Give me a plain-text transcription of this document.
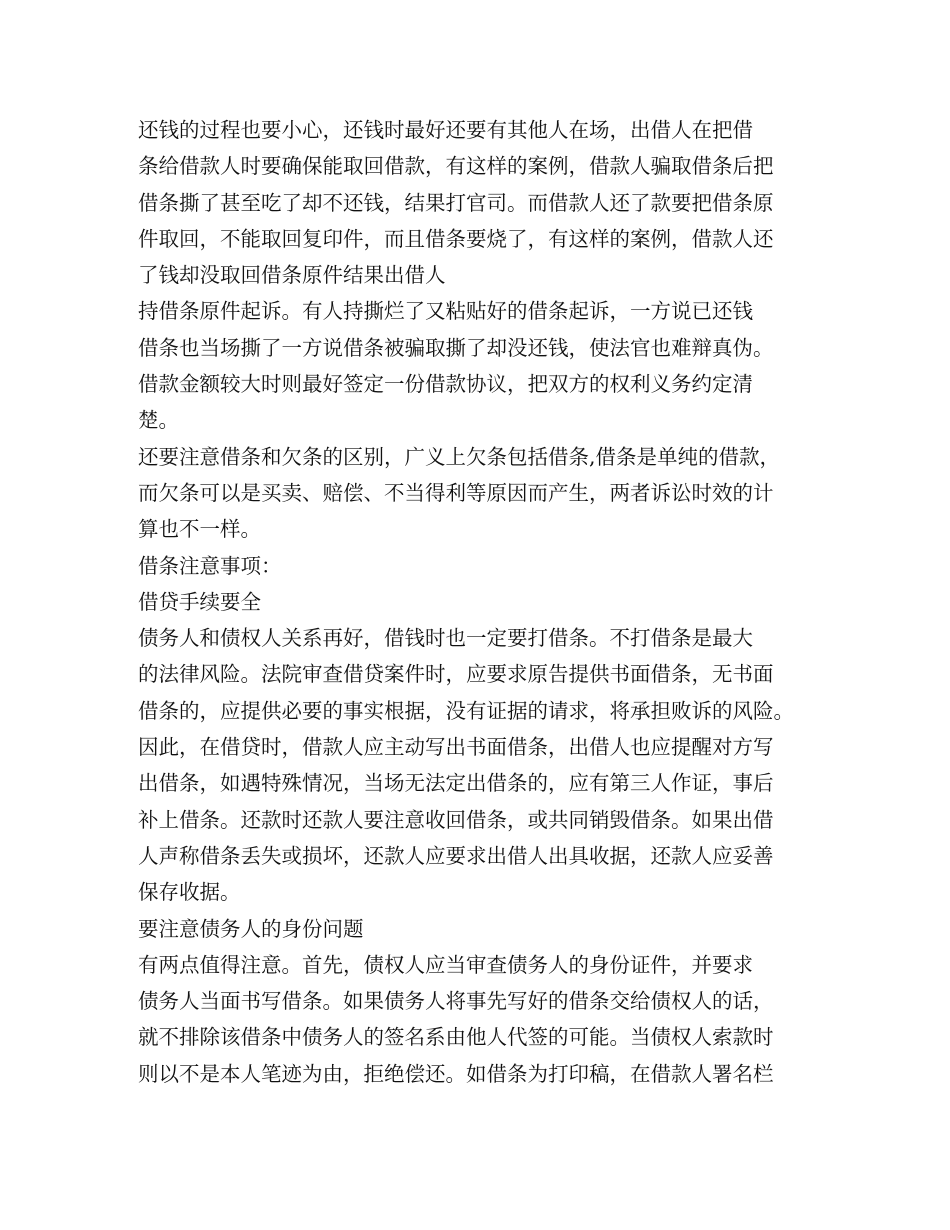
还钱的过程也要小心，还钱时最好还要有其他人在场，出借人在把借
条给借款人时要确保能取回借款，有这样的案例，借款人骗取借条后把
借条撕了甚至吃了却不还钱，结果打官司。而借款人还了款要把借条原
件取回，不能取回复印件，而且借条要烧了，有这样的案例，借款人还
了钱却没取回借条原件结果出借人
持借条原件起诉。有人持撕烂了又粘贴好的借条起诉，一方说已还钱
借条也当场撕了一方说借条被骗取撕了却没还钱，使法官也难辩真伪。
借款金额较大时则最好签定一份借款协议，把双方的权利义务约定清
楚。
还要注意借条和欠条的区别，广义上欠条包括借条,借条是单纯的借款，
而欠条可以是买卖、赔偿、不当得利等原因而产生，两者诉讼时效的计
算也不一样。
借条注意事项：
借贷手续要全
债务人和债权人关系再好，借钱时也一定要打借条。不打借条是最大
的法律风险。法院审查借贷案件时，应要求原告提供书面借条，无书面
借条的，应提供必要的事实根据，没有证据的请求，将承担败诉的风险。
因此，在借贷时，借款人应主动写出书面借条，出借人也应提醒对方写
出借条，如遇特殊情况，当场无法定出借条的，应有第三人作证，事后
补上借条。还款时还款人要注意收回借条，或共同销毁借条。如果出借
人声称借条丢失或损坏，还款人应要求出借人出具收据，还款人应妥善
保存收据。
要注意债务人的身份问题
有两点值得注意。首先，债权人应当审查债务人的身份证件，并要求
债务人当面书写借条。如果债务人将事先写好的借条交给债权人的话，
就不排除该借条中债务人的签名系由他人代签的可能。当债权人索款时
则以不是本人笔迹为由，拒绝偿还。如借条为打印稿，在借款人署名栏
